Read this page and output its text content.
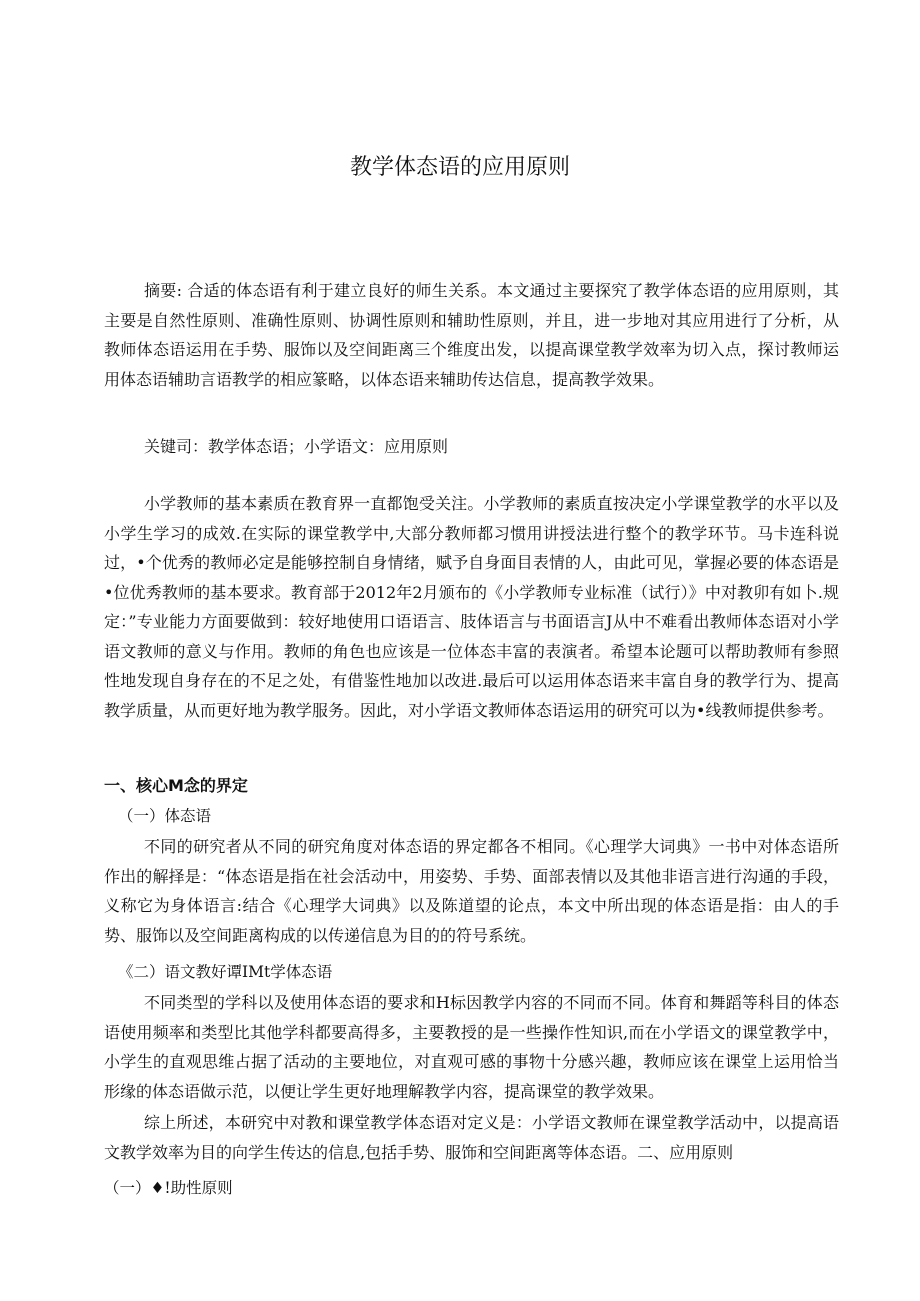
教学体态语的应用原则

摘要: 合适的体态语有利于建立良好的师生关系。本文通过主要探究了教学体态语的应用原则，其主要是自然性原则、准确性原则、协调性原则和辅助性原则，并且，进一步地对其应用进行了分析，从教师体态语运用在手势、服饰以及空间距离三个维度出发，以提高课堂教学效率为切入点，探讨教师运用体态语辅助言语教学的相应篆略，以体态语来辅助传达信息，提高教学效果。

关键司：教学体态语；小学语文：应用原则

小学教师的基本素质在教育界一直都饱受关注。小学教师的素质直按决定小学课堂教学的水平以及小学生学习的成效.在实际的课堂教学中,大部分教师都习惯用讲授法进行整个的教学环节。马卡连科说过，•个优秀的教师必定是能够控制自身情绪，赋予自身面目表情的人，由此可见，掌握必要的体态语是•位优秀教师的基本要求。教育部于2012年2月颁布的《小学教师专业标准（试行）》中对教卯有如卜.规定：”专业能力方面要做到：较好地使用口语语言、肢体语言与书面语言J从中不难看出教师体态语对小学语文教师的意义与作用。教师的角色也应该是一位体态丰富的表演者。希望本论题可以帮助教师有参照性地发现自身存在的不足之处，有借鉴性地加以改进.最后可以运用体态语来丰富自身的教学行为、提高教学质量，从而更好地为教学服务。因此，对小学语文教师体态语运用的研究可以为•线教师提供参考。

一、核心M念的界定
（一）体态语

不同的研究者从不同的研究角度对体态语的界定都各不相同。《心理学大词典》一书中对体态语所作出的解择是：“体态语是指在社会活动中，用姿势、手势、面部表情以及其他非语言进行沟通的手段，义称它为身体语言:结合《心理学大词典》以及陈道望的论点，本文中所出现的体态语是指：由人的手势、服饰以及空间距离构成的以传递信息为目的的符号系统。

《二）语文教好谭IMt学体态语

不同类型的学科以及使用体态语的要求和H标因教学内容的不同而不同。体育和舞蹈等科目的体态语使用频率和类型比其他学科都要高得多，主要教授的是一些操作性知识,而在小学语文的课堂教学中，小学生的直观思维占据了活动的主要地位，对直观可感的事物十分感兴趣，教师应该在课堂上运用恰当形缘的体态语做示范，以便让学生更好地理解教学内容，提高课堂的教学效果。

综上所述，本研究中对教和课堂教学体态语对定义是：小学语文教师在课堂教学活动中，以提高语文教学效率为目的向学生传达的信息,包括手势、服饰和空间距离等体态语。二、应用原则

（一）♦!助性原则
